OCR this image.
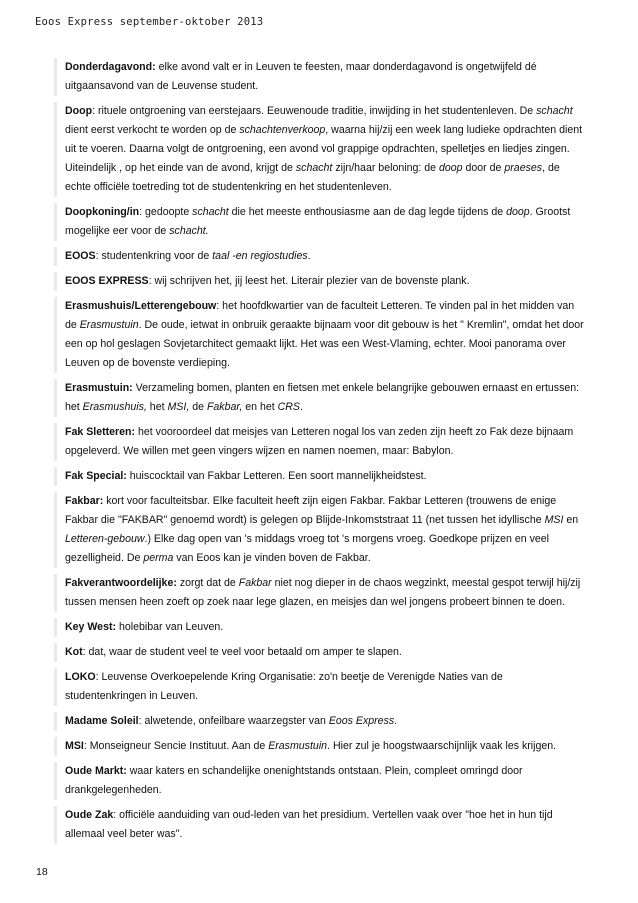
Eoos Express september-oktober 2013
Donderdagavond: elke avond valt er in Leuven te feesten, maar donderdagavond is ongetwijfeld dé uitgaansavond van de Leuvense student.
Doop: rituele ontgroening van eerstejaars. Eeuwenoude traditie, inwijding in het studentenleven. De schacht dient eerst verkocht te worden op de schachtenverkoop, waarna hij/zij een week lang ludieke opdrachten dient uit te voeren. Daarna volgt de ontgroening, een avond vol grappige opdrachten, spelletjes en liedjes zingen. Uiteindelijk , op het einde van de avond, krijgt de schacht zijn/haar beloning: de doop door de praeses, de echte officiële toetreding tot de studentenkring en het studentenleven.
Doopkoning/in: gedoopte schacht die het meeste enthousiasme aan de dag legde tijdens de doop. Grootst mogelijke eer voor de schacht.
EOOS: studentenkring voor de taal -en regiostudies.
EOOS EXPRESS: wij schrijven het, jij leest het. Literair plezier van de bovenste plank.
Erasmushuis/Letterengebouw: het hoofdkwartier van de faculteit Letteren. Te vinden pal in het midden van de Erasmustuin. De oude, ietwat in onbruik geraakte bijnaam voor dit gebouw is het " Kremlin", omdat het door een op hol geslagen Sovjetarchitect gemaakt lijkt. Het was een West-Vlaming, echter. Mooi panorama over Leuven op de bovenste verdieping.
Erasmustuin: Verzameling bomen, planten en fietsen met enkele belangrijke gebouwen ernaast en ertussen: het Erasmushuis, het MSI, de Fakbar, en het CRS.
Fak Sletteren: het vooroordeel dat meisjes van Letteren nogal los van zeden zijn heeft zo Fak deze bijnaam opgeleverd. We willen met geen vingers wijzen en namen noemen, maar: Babylon.
Fak Special: huiscocktail van Fakbar Letteren. Een soort mannelijkheidstest.
Fakbar: kort voor faculteitsbar. Elke faculteit heeft zijn eigen Fakbar. Fakbar Letteren (trouwens de enige Fakbar die "FAKBAR" genoemd wordt) is gelegen op Blijde-Inkomststraat 11 (net tussen het idyllische MSI en Letteren-gebouw.) Elke dag open van 's middags vroeg tot 's morgens vroeg. Goedkope prijzen en veel gezelligheid. De perma van Eoos kan je vinden boven de Fakbar.
Fakverantwoordelijke: zorgt dat de Fakbar niet nog dieper in de chaos wegzinkt, meestal gespot terwijl hij/zij tussen mensen heen zoeft op zoek naar lege glazen, en meisjes dan wel jongens probeert binnen te doen.
Key West: holebibar van Leuven.
Kot: dat, waar de student veel te veel voor betaald om amper te slapen.
LOKO: Leuvense Overkoepelende Kring Organisatie: zo'n beetje de Verenigde Naties van de studentenkringen in Leuven.
Madame Soleil: alwetende, onfeilbare waarzegster van Eoos Express.
MSI: Monseigneur Sencie Instituut. Aan de Erasmustuin. Hier zul je hoogstwaarschijnlijk vaak les krijgen.
Oude Markt: waar katers en schandelijke onenightstands ontstaan. Plein, compleet omringd door drankgelegenheden.
Oude Zak: officiële aanduiding van oud-leden van het presidium. Vertellen vaak over "hoe het in hun tijd allemaal veel beter was".
18
